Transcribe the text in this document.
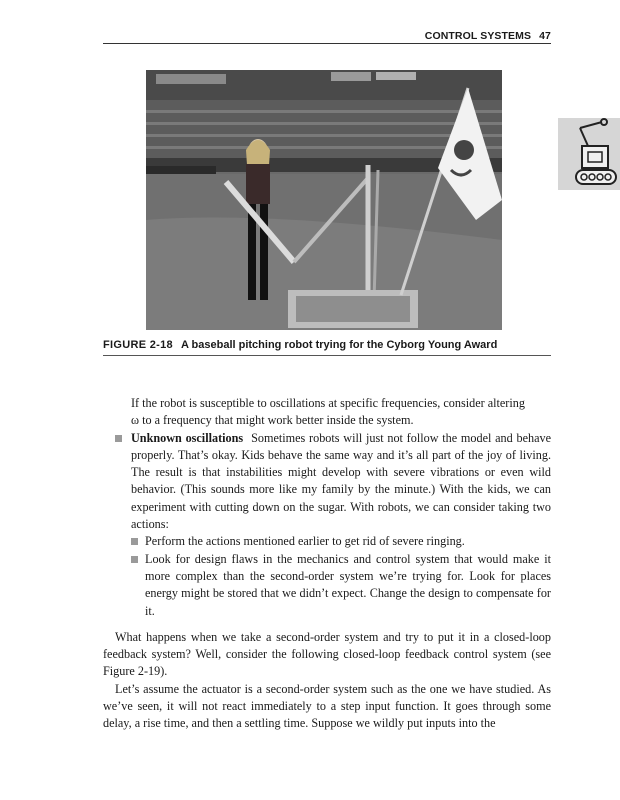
CONTROL SYSTEMS 47
FIGURE 2-18 A baseball pitching robot trying for the Cyborg Young Award

If the robot is susceptible to oscillations at specific frequencies, consider altering
ω to a frequency that might work better inside the system.

Unknown oscillations Sometimes robots will just not follow the model and behave properly. That’s okay. Kids behave the same way and it’s all part of the joy of living. The result is that instabilities might develop with severe vibrations or even wild behavior. (This sounds more like my family by the minute.) With the kids, we can experiment with cutting down on the sugar. With robots, we can consider taking two actions:

Perform the actions mentioned earlier to get rid of severe ringing.

Look for design flaws in the mechanics and control system that would make it more complex than the second-order system we’re trying for. Look for places energy might be stored that we didn’t expect. Change the design to compensate for it.

What happens when we take a second-order system and try to put it in a closed-loop feedback system? Well, consider the following closed-loop feedback control system (see Figure 2-19).

Let’s assume the actuator is a second-order system such as the one we have studied. As we’ve seen, it will not react immediately to a step input function. It goes through some delay, a rise time, and then a settling time. Suppose we wildly put inputs into the
